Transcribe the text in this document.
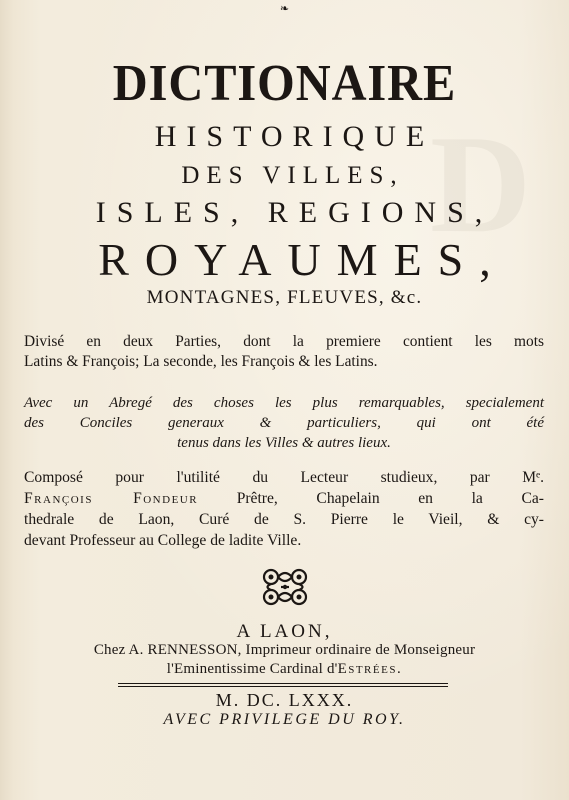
D
❧
DICTIONAIRE
HISTORIQUE
DES VILLES,
ISLES, REGIONS,
ROYAUMES,
MONTAGNES, FLEUVES, &c.
Divisé en deux Parties, dont la premiere contient les mots
Latins & François; La seconde, les François & les Latins.
Avec un Abregé des choses les plus remarquables, specialement
des Conciles generaux & particuliers, qui ont été
tenus dans les Villes & autres lieux.
Composé pour l'utilité du Lecteur studieux, par Mᵉ.
François Fondeur Prêtre, Chapelain en la Ca-
thedrale de Laon, Curé de S. Pierre le Vieil, & cy-
devant Professeur au College de ladite Ville.
A LAON,
Chez A. RENNESSON, Imprimeur ordinaire de Monseigneur
l'Eminentissime Cardinal d'Estrées.
M. DC. LXXX.
AVEC PRIVILEGE DU ROY.
